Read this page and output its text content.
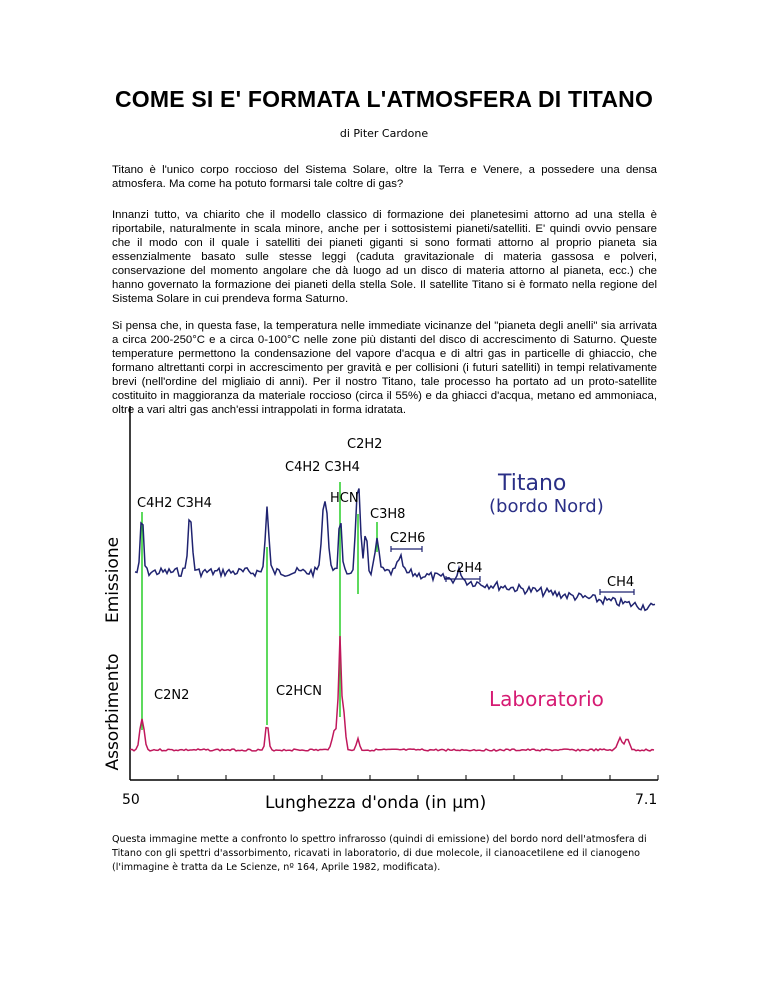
COME SI E' FORMATA L'ATMOSFERA DI TITANO
di Piter Cardone
Titano è l'unico corpo roccioso del Sistema Solare, oltre la Terra e Venere, a possedere una densa atmosfera. Ma come ha potuto formarsi tale coltre di gas?
Innanzi tutto, va chiarito che il modello classico di formazione dei planetesimi attorno ad una stella è riportabile, naturalmente in scala minore, anche per i sottosistemi pianeti/satelliti. E' quindi ovvio pensare che il modo con il quale i satelliti dei pianeti giganti si sono formati attorno al proprio pianeta sia essenzialmente basato sulle stesse leggi (caduta gravitazionale di materia gassosa e polveri, conservazione del momento angolare che dà luogo ad un disco di materia attorno al pianeta, ecc.) che hanno governato la formazione dei pianeti della stella Sole. Il satellite Titano si è formato nella regione del Sistema Solare in cui prendeva forma Saturno.
Si pensa che, in questa fase, la temperatura nelle immediate vicinanze del "pianeta degli anelli" sia arrivata a circa 200-250°C e a circa 0-100°C nelle zone più distanti del disco di accrescimento di Saturno. Queste temperature permettono la condensazione del vapore d'acqua e di altri gas in particelle di ghiaccio, che formano altrettanti corpi in accrescimento per gravità e per collisioni (i futuri satelliti) in tempi relativamente brevi (nell'ordine del migliaio di anni). Per il nostro Titano, tale processo ha portato ad un proto-satellite costituito in maggioranza da materiale roccioso (circa il 55%) e da ghiacci d'acqua, metano ed ammoniaca, oltre a vari altri gas anch'essi intrappolati in forma idratata.
Emissione
Assorbimento
C2H2
C4H2 C3H4
C4H2 C3H4	HCN
C3H8
C2H6
C2H4
CH4
Titano
(bordo Nord)
Laboratorio
C2N2	C2HCN
50	7.1
Lunghezza d'onda (in µm)
Questa immagine mette a confronto lo spettro infrarosso (quindi di emissione) del bordo nord dell'atmosfera di Titano con gli spettri d'assorbimento, ricavati in laboratorio, di due molecole, il cianoacetilene ed il cianogeno (l'immagine è tratta da Le Scienze, nº 164, Aprile 1982, modificata).
